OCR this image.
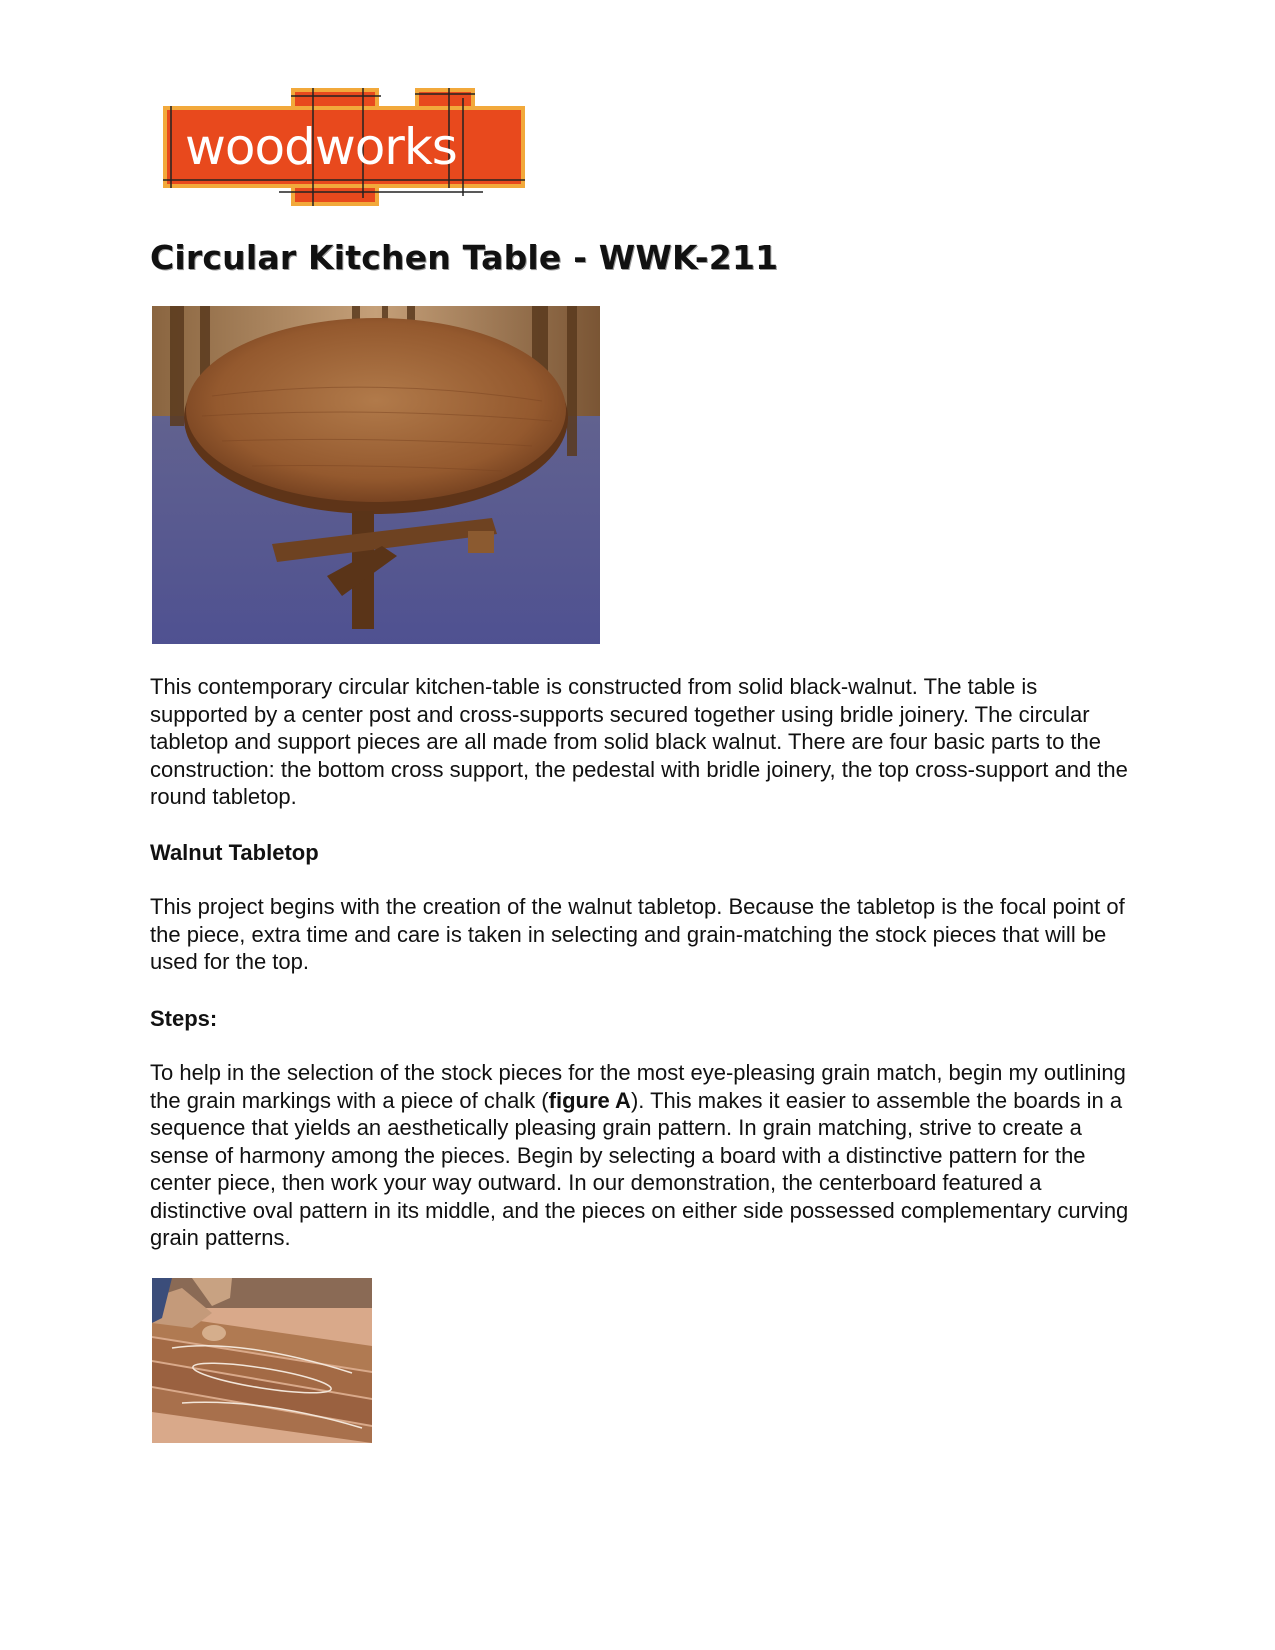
woodworks
Circular Kitchen Table - WWK-211

This contemporary circular kitchen-table is constructed from solid black-walnut. The table is supported by a center post and cross-supports secured together using bridle joinery. The circular tabletop and support pieces are all made from solid black walnut. There are four basic parts to the construction: the bottom cross support, the pedestal with bridle joinery, the top cross-support and the round tabletop.

Walnut Tabletop

This project begins with the creation of the walnut tabletop. Because the tabletop is the focal point of the piece, extra time and care is taken in selecting and grain-matching the stock pieces that will be used for the top.

Steps:

To help in the selection of the stock pieces for the most eye-pleasing grain match, begin my outlining the grain markings with a piece of chalk (figure A). This makes it easier to assemble the boards in a sequence that yields an aesthetically pleasing grain pattern. In grain matching, strive to create a sense of harmony among the pieces. Begin by selecting a board with a distinctive pattern for the center piece, then work your way outward. In our demonstration, the centerboard featured a distinctive oval pattern in its middle, and the pieces on either side possessed complementary curving grain patterns.
